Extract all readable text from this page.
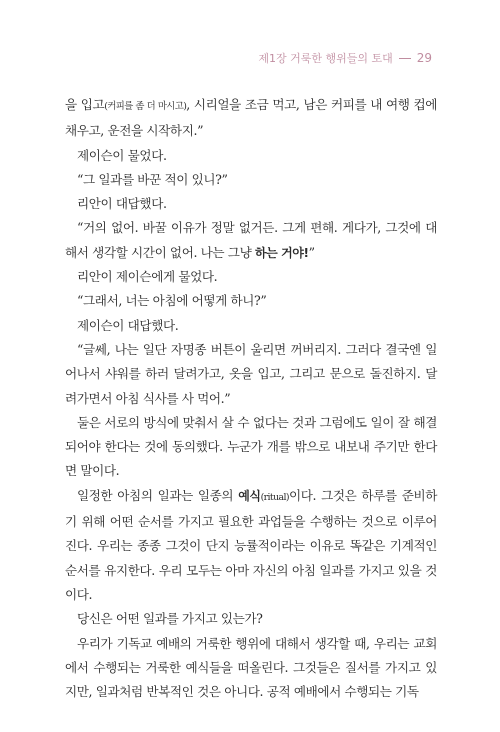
제1장 거룩한 행위들의 토대 29

을 입고(커피를 좀 더 마시고), 시리얼을 조금 먹고, 남은 커피를 내 여행 컵에 채우고, 운전을 시작하지.”

제이슨이 물었다.

“그 일과를 바꾼 적이 있니?”

리안이 대답했다.

“거의 없어. 바꿀 이유가 정말 없거든. 그게 편해. 게다가, 그것에 대해서 생각할 시간이 없어. 나는 그냥 하는 거야!”

리안이 제이슨에게 물었다.

“그래서, 너는 아침에 어떻게 하니?”

제이슨이 대답했다.

“글쎄, 나는 일단 자명종 버튼이 울리면 꺼버리지. 그러다 결국엔 일어나서 샤워를 하러 달려가고, 옷을 입고, 그리고 문으로 돌진하지. 달려가면서 아침 식사를 사 먹어.”

둘은 서로의 방식에 맞춰서 살 수 없다는 것과 그럼에도 일이 잘 해결되어야 한다는 것에 동의했다. 누군가 개를 밖으로 내보내 주기만 한다면 말이다.

일정한 아침의 일과는 일종의 예식(ritual)이다. 그것은 하루를 준비하기 위해 어떤 순서를 가지고 필요한 과업들을 수행하는 것으로 이루어진다. 우리는 종종 그것이 단지 능률적이라는 이유로 똑같은 기계적인 순서를 유지한다. 우리 모두는 아마 자신의 아침 일과를 가지고 있을 것이다.

당신은 어떤 일과를 가지고 있는가?

우리가 기독교 예배의 거룩한 행위에 대해서 생각할 때, 우리는 교회에서 수행되는 거룩한 예식들을 떠올린다. 그것들은 질서를 가지고 있지만, 일과처럼 반복적인 것은 아니다. 공적 예배에서 수행되는 기독
